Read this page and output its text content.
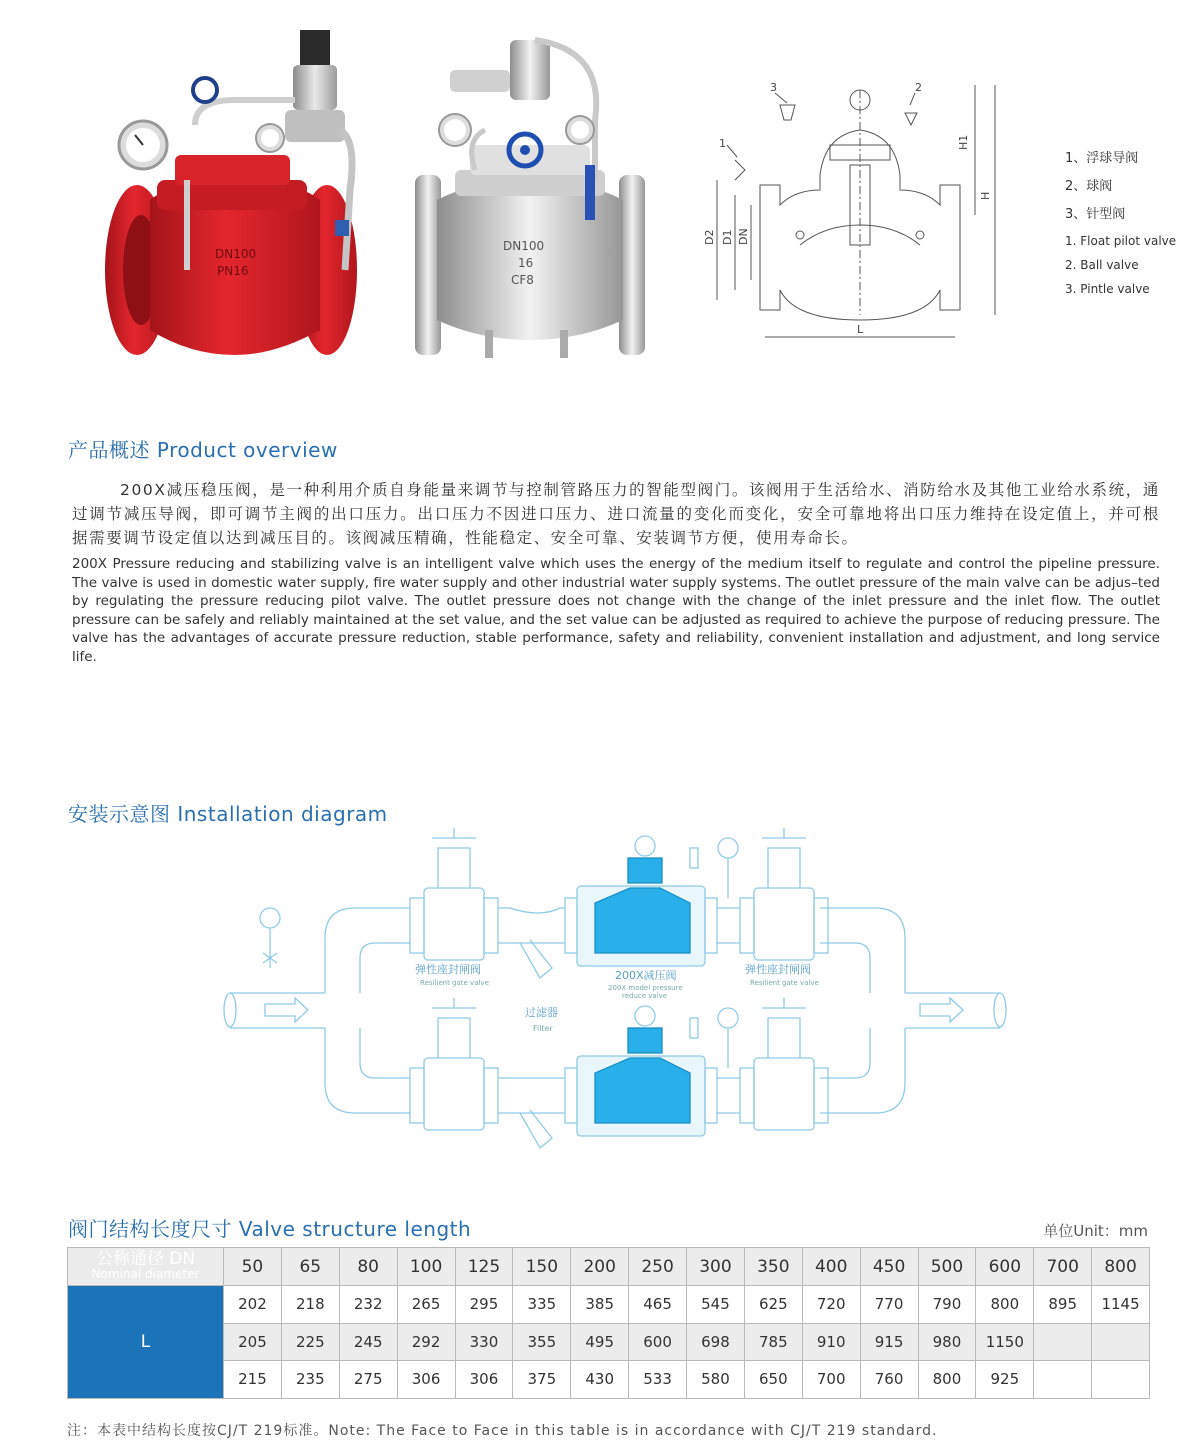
DN100
PN16
DN100
16
CF8
3	2
1	H1
H
D2 D1 DN
L
1、浮球导阀
2、球阀
3、针型阀
1. Float pilot valve
2. Ball valve
3. Pintle valve
产品概述 Product overview

200X减压稳压阀，是一种利用介质自身能量来调节与控制管路压力的智能型阀门。该阀用于生活给水、消防给水及其他工业给水系统，通过调节减压导阀，即可调节主阀的出口压力。出口压力不因进口压力、进口流量的变化而变化，安全可靠地将出口压力维持在设定值上，并可根据需要调节设定值以达到减压目的。该阀减压精确，性能稳定、安全可靠、安装调节方便，使用寿命长。

200X Pressure reducing and stabilizing valve is an intelligent valve which uses the energy of the medium itself to regulate and control the pipeline pressure. The valve is used in domestic water supply, fire water supply and other industrial water supply systems. The outlet pressure of the main valve can be adjus–ted by regulating the pressure reducing pilot valve. The outlet pressure does not change with the change of the inlet pressure and the inlet flow. The outlet pressure can be safely and reliably maintained at the set value, and the set value can be adjusted as required to achieve the purpose of reducing pressure. The valve has the advantages of accurate pressure reduction, stable performance, safety and reliability, convenient installation and adjustment, and long service life.

安装示意图 Installation diagram
弹性座封闸阀
Resilient gate valve
弹性座封闸阀
Resilient gate valve
200X减压阀
200X model pressure
reduce valve
过滤器
Filter
阀门结构长度尺寸 Valve structure length	单位Unit：mm
公称通径 DN
Nominal diameter	50	65	80	100	125	150	200	250	300	350	400	450	500	600	700	800
L	202	218	232	265	295	335	385	465	545	625	720	770	790	800	895	1145
	205	225	245	292	330	355	495	600	698	785	910	915	980	1150		
	215	235	275	306	306	375	430	533	580	650	700	760	800	925		
注：本表中结构长度按CJ/T 219标准。Note: The Face to Face in this table is in accordance with CJ/T 219 standard.
